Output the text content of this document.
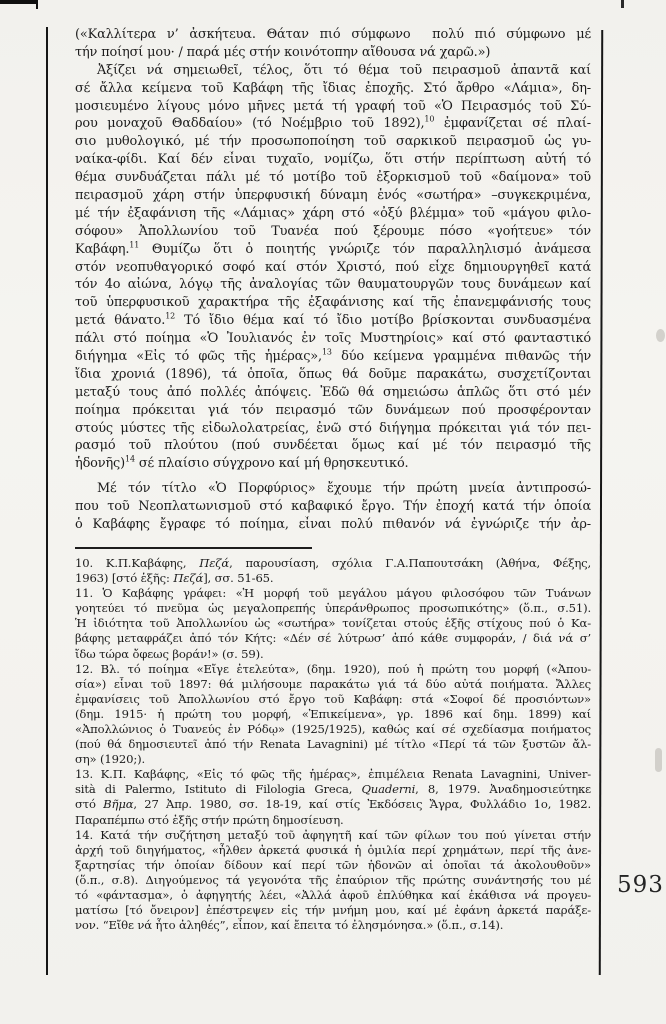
(«Καλλίτερα ν’ ἀσκήτευα. Θάταν πιό σύμφωνο  πολύ πιό σύμφωνο μέ
τήν ποίησί μου· / παρά μές στήν κοινότοπην αἴθουσα νά χαρῶ.»)
Ἀξίζει νά σημειωθεῖ, τέλος, ὅτι τό θέμα τοῦ πειρασμοῦ ἀπαντᾶ καί
σέ ἄλλα κείμενα τοῦ Καβάφη τῆς ἴδιας ἐποχῆς. Στό ἄρθρο «Λάμια», δη-
μοσιευμένο λίγους μόνο μῆνες μετά τή γραφή τοῦ «Ὁ Πειρασμός τοῦ Σύ-
ρου μοναχοῦ Θαδδαίου» (τό Νοέμβριο τοῦ 1892),$^{10}$ ἐμφανίζεται σέ πλαί-
σιο μυθολογικό, μέ τήν προσωποποίηση τοῦ σαρκικοῦ πειρασμοῦ ὡς γυ-
ναίκα-φίδι. Καί δέν εἶναι τυχαῖο, νομίζω, ὅτι στήν περίπτωση αὐτή τό
θέμα συνδυάζεται πάλι μέ τό μοτίβο τοῦ ἐξορκισμοῦ τοῦ «δαίμονα» τοῦ
πειρασμοῦ χάρη στήν ὑπερφυσική δύναμη ἑνός «σωτήρα» –συγκεκριμένα,
μέ τήν ἐξαφάνιση τῆς «Λάμιας» χάρη στό «ὀξύ βλέμμα» τοῦ «μάγου φιλο-
σόφου» Ἀπολλωνίου τοῦ Τυανέα πού ξέρουμε πόσο «γοήτευε» τόν
Καβάφη.$^{11}$ Θυμίζω ὅτι ὁ ποιητής γνώριζε τόν παραλληλισμό ἀνάμεσα
στόν νεοπυθαγορικό σοφό καί στόν Χριστό, πού εἶχε δημιουργηθεῖ κατά
τόν 4ο αἰώνα, λόγῳ τῆς ἀναλογίας τῶν θαυματουργῶν τους δυνάμεων καί
τοῦ ὑπερφυσικοῦ χαρακτήρα τῆς ἐξαφάνισης καί τῆς ἐπανεμφάνισής τους
μετά θάνατο.$^{12}$ Τό ἴδιο θέμα καί τό ἴδιο μοτίβο βρίσκονται συνδυασμένα
πάλι στό ποίημα «Ὁ Ἰουλιανός ἐν τοῖς Μυστηρίοις» καί στό φανταστικό
διήγημα «Εἰς τό φῶς τῆς ἡμέρας»,$^{13}$ δύο κείμενα γραμμένα πιθανῶς τήν
ἴδια χρονιά (1896), τά ὁποῖα, ὅπως θά δοῦμε παρακάτω, συσχετίζονται
μεταξύ τους ἀπό πολλές ἀπόψεις. Ἐδῶ θά σημειώσω ἁπλῶς ὅτι στό μέν
ποίημα πρόκειται γιά τόν πειρασμό τῶν δυνάμεων πού προσφέρονταν
στούς μύστες τῆς εἰδωλολατρείας, ἐνῶ στό διήγημα πρόκειται γιά τόν πει-
ρασμό τοῦ πλούτου (πού συνδέεται ὅμως καί μέ τόν πειρασμό τῆς
ἡδονῆς)$^{14}$ σέ πλαίσιο σύγχρονο καί μή θρησκευτικό.
Μέ τόν τίτλο «Ὁ Πορφύριος» ἔχουμε τήν πρώτη μνεία ἀντιπροσώ-
που τοῦ Νεοπλατωνισμοῦ στό καβαφικό ἔργο. Τήν ἐποχή κατά τήν ὁποία
ὁ Καβάφης ἔγραφε τό ποίημα, εἶναι πολύ πιθανόν νά ἐγνώριζε τήν ἀρ-
10. Κ.Π.Καβάφης, Πεζά, παρουσίαση, σχόλια Γ.Α.Παπουτσάκη (Ἀθήνα, Φέξης,
1963) [στό ἑξῆς: Πεζά], σσ. 51-65.
11. Ὁ Καβάφης γράφει: «Ἡ μορφή τοῦ μεγάλου μάγου φιλοσόφου τῶν Τυάνων
γοητεύει τό πνεῦμα ὡς μεγαλοπρεπής ὑπεράνθρωπος προσωπικότης» (ὅ.π., σ.51).
Ἡ ἰδιότητα τοῦ Ἀπολλωνίου ὡς «σωτήρα» τονίζεται στούς ἑξῆς στίχους πού ὁ Κα-
βάφης μεταφράζει ἀπό τόν Κήτς: «Δέν σέ λύτρωσ’ ἀπό κάθε συμφοράν, / διά νά σ’
ἴδω τώρα ὄφεως βοράν!» (σ. 59).
12. Βλ. τό ποίημα «Εἴγε ἐτελεύτα», (δημ. 1920), πού ἡ πρώτη του μορφή («Ἀπου-
σία») εἶναι τοῦ 1897: θά μιλήσουμε παρακάτω γιά τά δύο αὐτά ποιήματα. Ἄλλες
ἐμφανίσεις τοῦ Ἀπολλωνίου στό ἔργο τοῦ Καβάφη: στά «Σοφοί δέ προσιόντων»
(δημ. 1915· ἡ πρώτη του μορφή, «Ἐπικείμενα», γρ. 1896 καί δημ. 1899) καί
«Ἀπολλώνιος ὁ Τυανεύς ἐν Ρόδῳ» (1925/1925), καθώς καί σέ σχεδίασμα ποιήματος
(πού θά δημοσιευτεῖ ἀπό τήν Renata Lavagnini) μέ τίτλο «Περί τά τῶν ξυστῶν ἄλ-
ση» (1920;).
13. Κ.Π. Καβάφης, «Εἰς τό φῶς τῆς ἡμέρας», ἐπιμέλεια Renata Lavagnini, Univer-
sità di Palermo, Istituto di Filologia Greca, Quaderni, 8, 1979. Ἀναδημοσιεύτηκε
στό Βῆμα, 27 Ἀπρ. 1980, σσ. 18-19, καί στίς Ἐκδόσεις Ἄγρα, Φυλλάδιο 1ο, 1982.
Παραπέμπω στό ἑξῆς στήν πρώτη δημοσίευση.
14. Κατά τήν συζήτηση μεταξύ τοῦ ἀφηγητῆ καί τῶν φίλων του πού γίνεται στήν
ἀρχή τοῦ διηγήματος, «ἦλθεν ἀρκετά φυσικά ἡ ὁμιλία περί χρημάτων, περί τῆς ἀνε-
ξαρτησίας τήν ὁποίαν δίδουν καί περί τῶν ἡδονῶν αἱ ὁποῖαι τά ἀκολουθοῦν»
(ὅ.π., σ.8). Διηγούμενος τά γεγονότα τῆς ἐπαύριον τῆς πρώτης συνάντησής του μέ
τό «φάντασμα», ὁ ἀφηγητής λέει, «Ἀλλά ἀφοῦ ἐπλύθηκα καί ἐκάθισα νά προγευ-
ματίσω [τό ὄνειρον] ἐπέστρεψεν εἰς τήν μνήμη μου, καί μέ ἐφάνη ἀρκετά παράξε-
νον. “Εἴθε νά ἦτο ἀληθές”, εἶπον, καί ἔπειτα τό ἐλησμόνησα.» (ὅ.π., σ.14).
593
